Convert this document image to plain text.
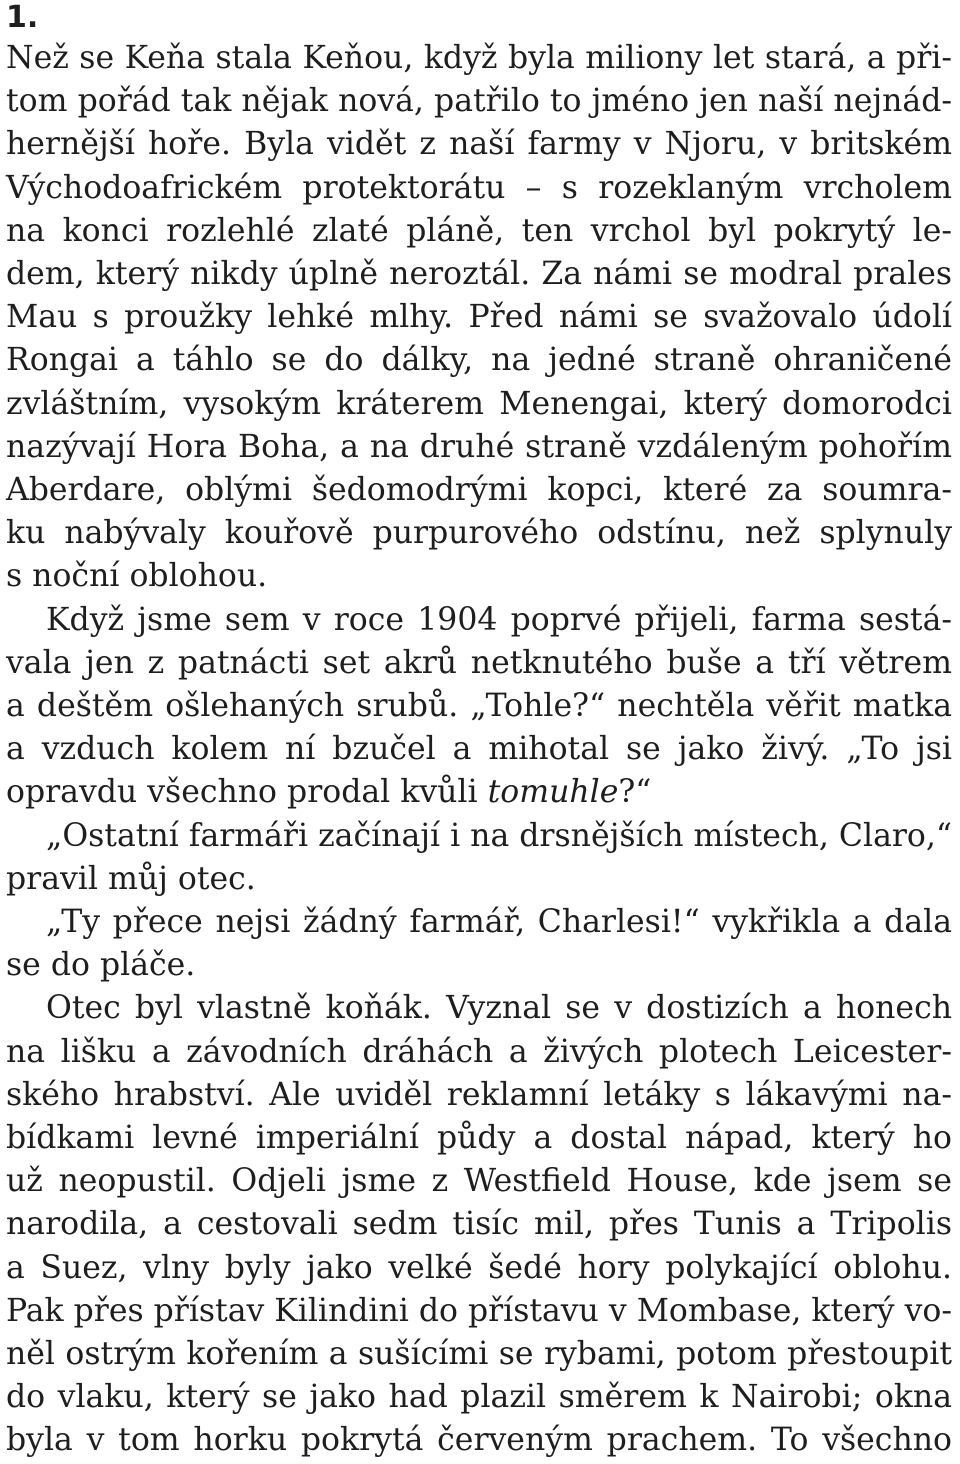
1.
Než se Keňa stala Keňou, když byla miliony let stará, a při-
tom pořád tak nějak nová, patřilo to jméno jen naší nejnád-
hernější hoře. Byla vidět z naší farmy v Njoru, v britském
Východoafrickém protektorátu – s rozeklaným vrcholem
na konci rozlehlé zlaté pláně, ten vrchol byl pokrytý le-
dem, který nikdy úplně neroztál. Za námi se modral prales
Mau s proužky lehké mlhy. Před námi se svažovalo údolí
Rongai a táhlo se do dálky, na jedné straně ohraničené
zvláštním, vysokým kráterem Menengai, který domorodci
nazývají Hora Boha, a na druhé straně vzdáleným pohořím
Aberdare, oblými šedomodrými kopci, které za soumra-
ku nabývaly kouřově purpurového odstínu, než splynuly
s noční oblohou.
Když jsme sem v roce 1904 poprvé přijeli, farma sestá-
vala jen z patnácti set akrů netknutého buše a tří větrem
a deštěm ošlehaných srubů. „Tohle?“ nechtěla věřit matka
a vzduch kolem ní bzučel a mihotal se jako živý. „To jsi
opravdu všechno prodal kvůli tomuhle?“
„Ostatní farmáři začínají i na drsnějších místech, Claro,“
pravil můj otec.
„Ty přece nejsi žádný farmář, Charlesi!“ vykřikla a dala
se do pláče.
Otec byl vlastně koňák. Vyznal se v dostizích a honech
na lišku a závodních dráhách a živých plotech Leicester-
ského hrabství. Ale uviděl reklamní letáky s lákavými na-
bídkami levné imperiální půdy a dostal nápad, který ho
už neopustil. Odjeli jsme z Westfield House, kde jsem se
narodila, a cestovali sedm tisíc mil, přes Tunis a Tripolis
a Suez, vlny byly jako velké šedé hory polykající oblohu.
Pak přes přístav Kilindini do přístavu v Mombase, který vo-
něl ostrým kořením a sušícími se rybami, potom přestoupit
do vlaku, který se jako had plazil směrem k Nairobi; okna
byla v tom horku pokrytá červeným prachem. To všechno
